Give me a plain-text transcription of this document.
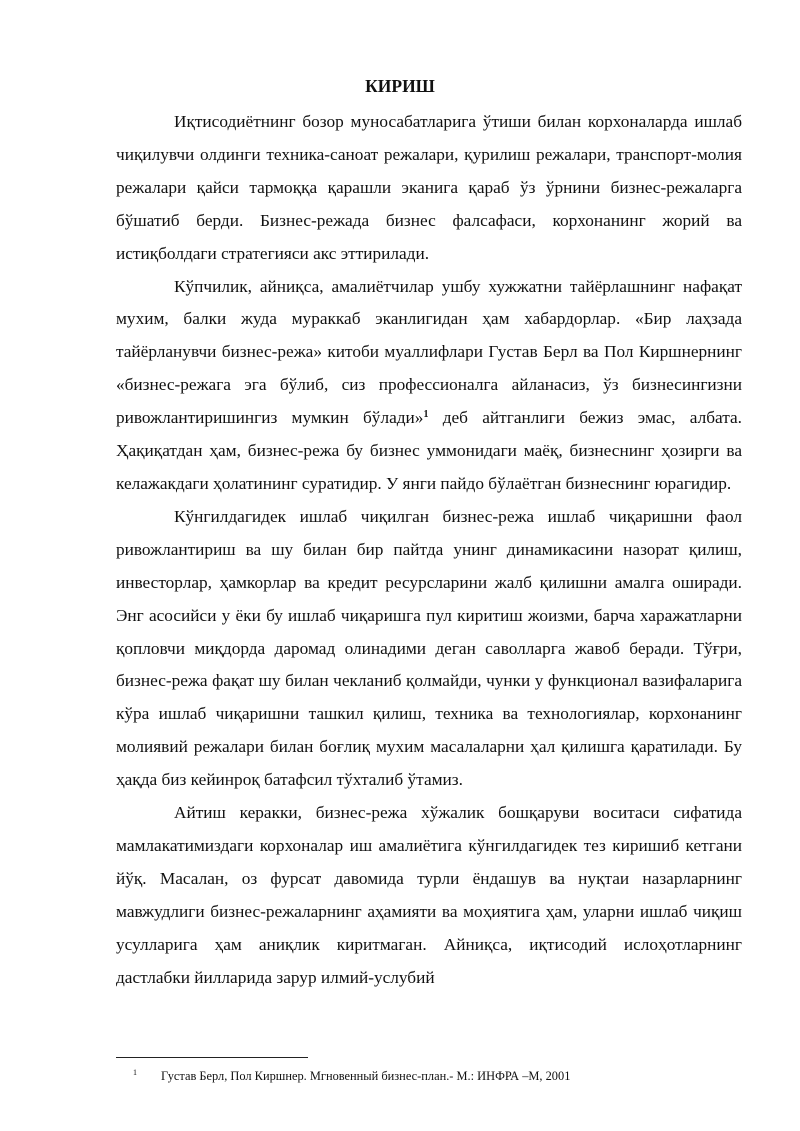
КИРИШ

Иқтисодиётнинг бозор муносабатларига ўтиши билан корхоналарда ишлаб чиқилувчи олдинги техника-саноат режалари, қурилиш режалари, транспорт-молия режалари қайси тармоққа қарашли эканига қараб ўз ўрнини бизнес-режаларга бўшатиб берди. Бизнес-режада бизнес фалсафаси, корхонанинг жорий ва истиқболдаги стратегияси акс эттирилади.

Кўпчилик, айниқса, амалиётчилар ушбу хужжатни тайёрлашнинг нафақат мухим, балки жуда мураккаб эканлигидан ҳам хабардорлар. «Бир лаҳзада тайёрланувчи бизнес-режа» китоби муаллифлари Густав Берл ва Пол Киршнернинг «бизнес-режага эга бўлиб, сиз профессионалга айланасиз, ўз бизнесингизни ривожлантиришингиз мумкин бўлади»$^1$ деб айтганлиги бежиз эмас, албата. Ҳақиқатдан ҳам, бизнес-режа бу бизнес уммонидаги маёқ, бизнеснинг ҳозирги ва келажакдаги ҳолатининг суратидир. У янги пайдо бўлаётган бизнеснинг юрагидир.

Кўнгилдагидек ишлаб чиқилган бизнес-режа ишлаб чиқаришни фаол ривожлантириш ва шу билан бир пайтда унинг динамикасини назорат қилиш, инвесторлар, ҳамкорлар ва кредит ресурсларини жалб қилишни амалга оширади. Энг асосийси у ёки бу ишлаб чиқаришга пул киритиш жоизми, барча харажатларни қопловчи миқдорда даромад олинадими деган саволларга жавоб беради. Тўғри, бизнес-режа фақат шу билан чекланиб қолмайди, чунки у функционал вазифаларига кўра ишлаб чиқаришни ташкил қилиш, техника ва технологиялар, корхонанинг молиявий режалари билан боғлиқ мухим масалаларни ҳал қилишга қаратилади. Бу ҳақда биз кейинроқ батафсил тўхталиб ўтамиз.

Айтиш керакки, бизнес-режа хўжалик бошқаруви воситаси сифатида мамлакатимиздаги корхоналар иш амалиётига кўнгилдагидек тез киришиб кетгани йўқ. Масалан, оз фурсат давомида турли ёндашув ва нуқтаи назарларнинг мавжудлиги бизнес-режаларнинг аҳамияти ва моҳиятига ҳам, уларни ишлаб чиқиш усулларига ҳам аниқлик киритмаган. Айниқса, иқтисодий ислоҳотларнинг дастлабки йилларида зарур илмий-услубий

1 Густав Берл, Пол Киршнер. Мгновенный бизнес-план.- М.: ИНФРА –М, 2001
